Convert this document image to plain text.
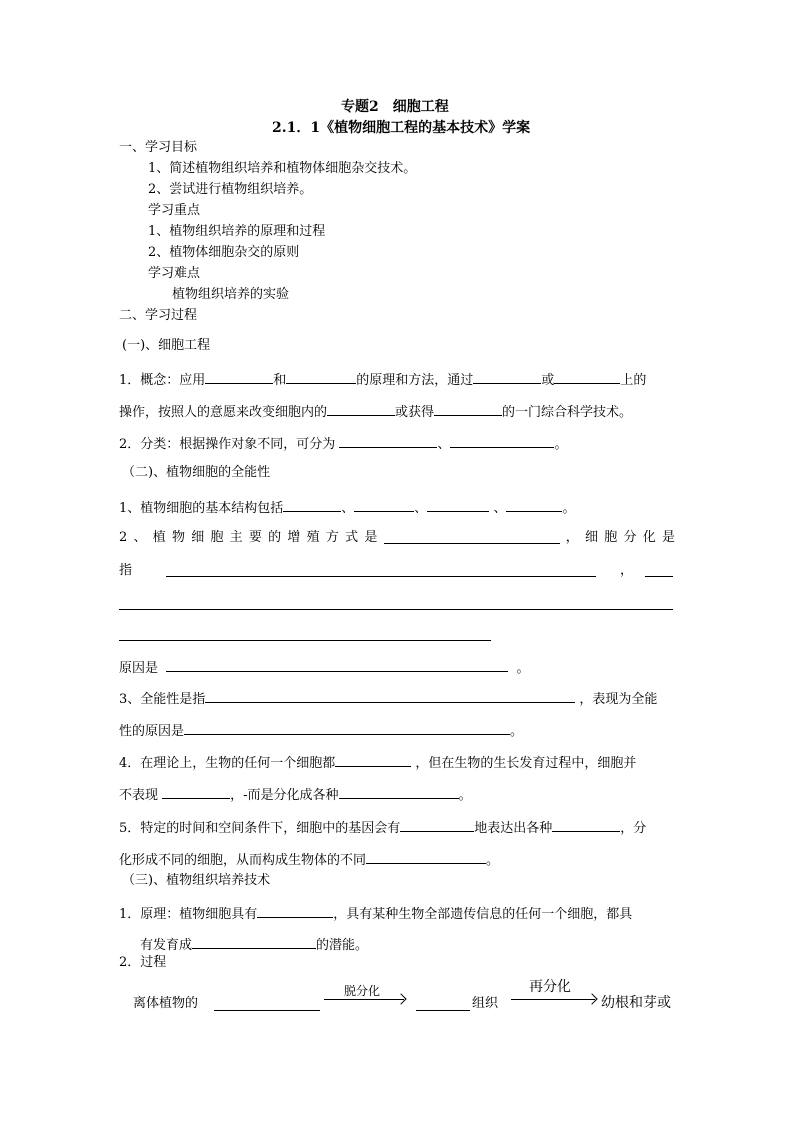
专题2　细胞工程
2.1．1《植物细胞工程的基本技术》学案
一、学习目标
1、简述植物组织培养和植物体细胞杂交技术。
2、尝试进行植物组织培养。
学习重点
1、植物组织培养的原理和过程
2、植物体细胞杂交的原则
学习难点
植物组织培养的实验
二、学习过程
(一)、细胞工程
1．概念：应用	和	的原理和方法，通过	或	上的
操作，按照人的意愿来改变细胞内的	或获得	的一门综合科学技术。
2．分类：根据操作对象不同，可分为	、	。
（二)、植物细胞的全能性
1、植物细胞的基本结构包括	、	、	、	。
2 、 植 物 细 胞 主 要 的 增 殖 方 式 是	， 细 胞 分 化 是
指	，
原因是	。
3、全能性是指	，表现为全能
性的原因是	。
4．在理论上，生物的任何一个细胞都	，但在生物的生长发育过程中，细胞并
不表现	，-而是分化成各种	。
5．特定的时间和空间条件下，细胞中的基因会有	地表达出各种	，分
化形成不同的细胞，从而构成生物体的不同	。
（三)、植物组织培养技术
1．原理：植物细胞具有	，具有某种生物全部遗传信息的任何一个细胞，都具
有发育成	的潜能。
2．过程
离体植物的
脱分化
组织
再分化
幼根和芽或
